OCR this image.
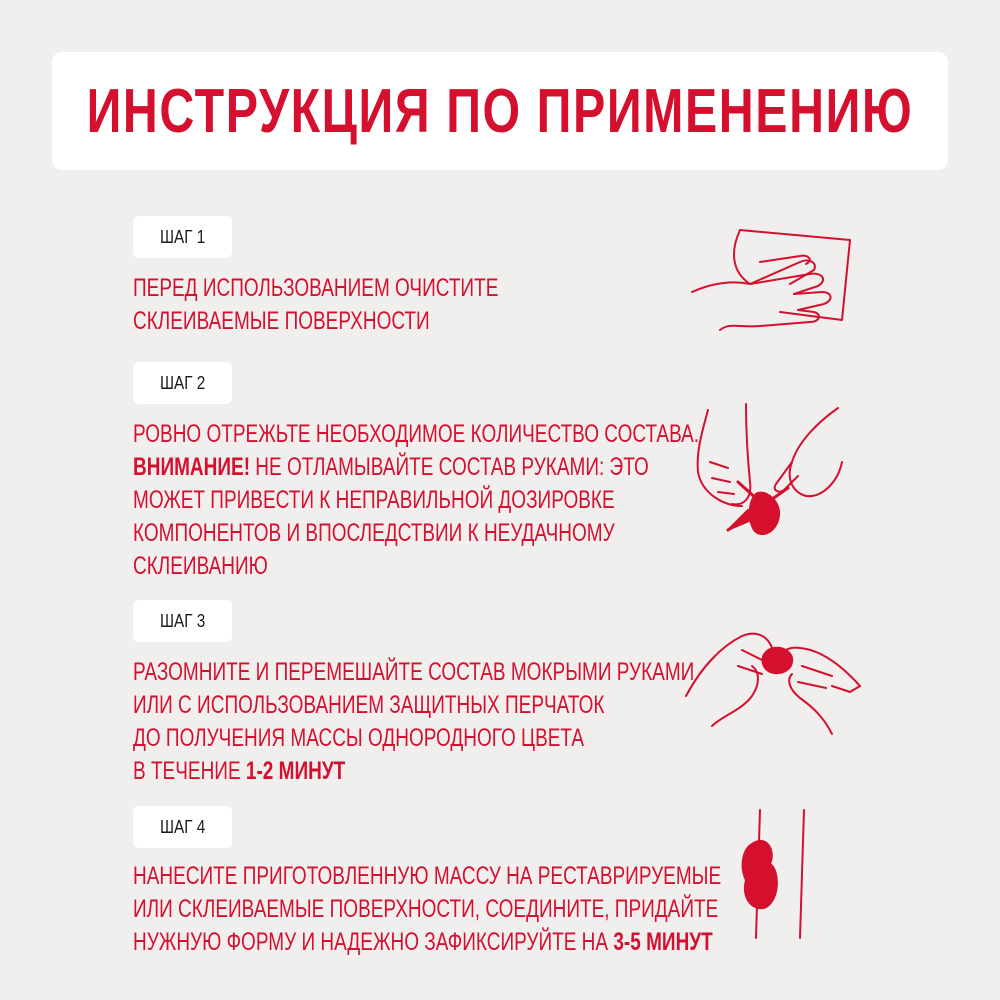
ИНСТРУКЦИЯ ПО ПРИМЕНЕНИЮ
ШАГ 1
ПЕРЕД ИСПОЛЬЗОВАНИЕМ ОЧИСТИТЕ
СКЛЕИВАЕМЫЕ ПОВЕРХНОСТИ
ШАГ 2
РОВНО ОТРЕЖЬТЕ НЕОБХОДИМОЕ КОЛИЧЕСТВО СОСТАВА.
ВНИМАНИЕ! НЕ ОТЛАМЫВАЙТЕ СОСТАВ РУКАМИ: ЭТО
МОЖЕТ ПРИВЕСТИ К НЕПРАВИЛЬНОЙ ДОЗИРОВКЕ
КОМПОНЕНТОВ И ВПОСЛЕДСТВИИ К НЕУДАЧНОМУ
СКЛЕИВАНИЮ
ШАГ 3
РАЗОМНИТЕ И ПЕРЕМЕШАЙТЕ СОСТАВ МОКРЫМИ РУКАМИ
ИЛИ С ИСПОЛЬЗОВАНИЕМ ЗАЩИТНЫХ ПЕРЧАТОК
ДО ПОЛУЧЕНИЯ МАССЫ ОДНОРОДНОГО ЦВЕТА
В ТЕЧЕНИЕ 1-2 МИНУТ
ШАГ 4
НАНЕСИТЕ ПРИГОТОВЛЕННУЮ МАССУ НА РЕСТАВРИРУЕМЫЕ
ИЛИ СКЛЕИВАЕМЫЕ ПОВЕРХНОСТИ, СОЕДИНИТЕ, ПРИДАЙТЕ
НУЖНУЮ ФОРМУ И НАДЕЖНО ЗАФИКСИРУЙТЕ НА 3-5 МИНУТ
